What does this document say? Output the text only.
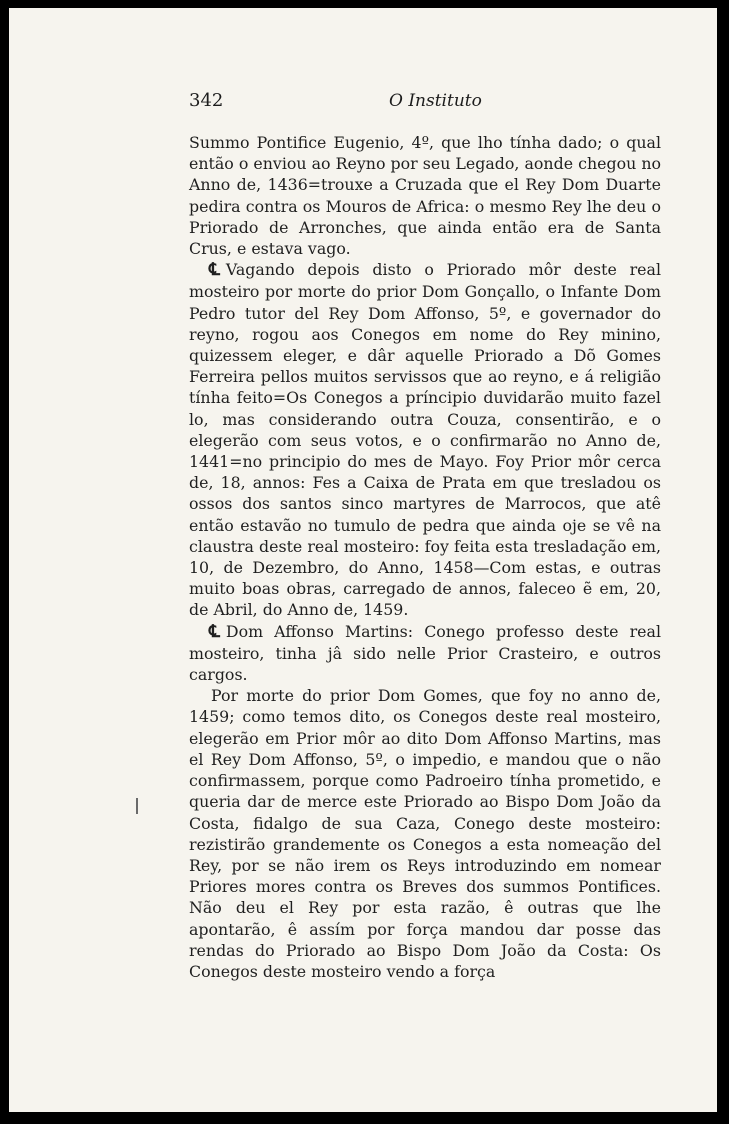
342	O Instituto

Summo Pontifice Eugenio, 4º, que lho tínha dado; o qual então o enviou ao Reyno por seu Legado, aonde chegou no Anno de, 1436=trouxe a Cruzada que el Rey Dom Duarte pedira contra os Mouros de Africa: o mesmo Rey lhe deu o Priorado de Arronches, que ainda então era de Santa Crus, e estava vago.

℄ Vagando depois disto o Priorado môr deste real mosteiro por morte do prior Dom Gonçallo, o Infante Dom Pedro tutor del Rey Dom Affonso, 5º, e governador do reyno, rogou aos Conegos em nome do Rey minino, quizessem eleger, e dâr aquelle Priorado a Dõ Gomes Ferreira pellos muitos servissos que ao reyno, e á religião tínha feito=Os Conegos a príncipio duvidarão muito fazel lo, mas considerando outra Couza, consentirão, e o elegerão com seus votos, e o confirmarão no Anno de, 1441=no principio do mes de Mayo. Foy Prior môr cerca de, 18, annos: Fes a Caixa de Prata em que tresladou os ossos dos santos sinco martyres de Marrocos, que atê então estavão no tumulo de pedra que ainda oje se vê na claustra deste real mosteiro: foy feita esta tresladação em, 10, de Dezembro, do Anno, 1458—Com estas, e outras muito boas obras, carregado de annos, faleceo ẽ em, 20, de Abril, do Anno de, 1459.

℄ Dom Affonso Martins: Conego professo deste real mosteiro, tinha jâ sido nelle Prior Crasteiro, e outros cargos.

Por morte do prior Dom Gomes, que foy no anno de, 1459; como temos dito, os Conegos deste real mosteiro, elegerão em Prior môr ao dito Dom Affonso Martins, mas el Rey Dom Affonso, 5º, o impedio, e mandou que o não confirmassem, porque como Padroeiro tínha prometido, e queria dar de merce este Priorado ao Bispo Dom João da Costa, fidalgo de sua Caza, Conego deste mosteiro: rezistirão grandemente os Conegos a esta nomeação del Rey, por se não irem os Reys introduzindo em nomear Priores mores contra os Breves dos summos Pontifices. Não deu el Rey por esta razão, ê outras que lhe apontarão, ê assím por força mandou dar posse das rendas do Priorado ao Bispo Dom João da Costa: Os Conegos deste mosteiro vendo a força
